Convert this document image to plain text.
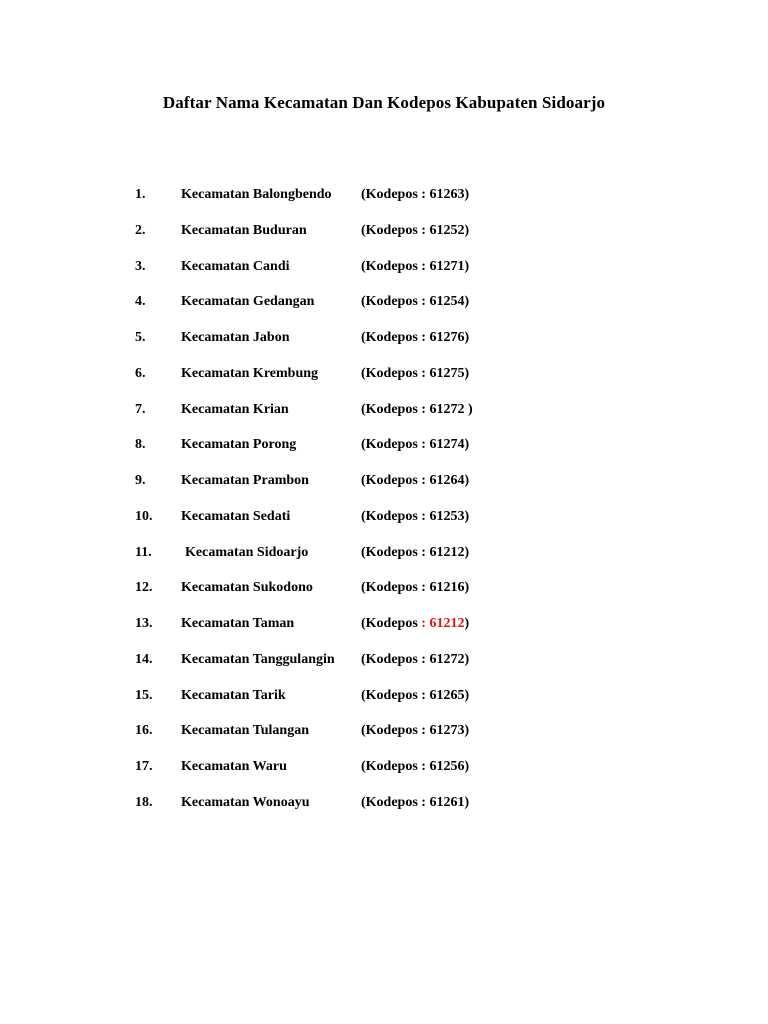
Daftar Nama Kecamatan Dan Kodepos Kabupaten Sidoarjo
1.	Kecamatan Balongbendo (Kodepos : 61263)
2.	Kecamatan Buduran	(Kodepos : 61252)
3.	Kecamatan Candi	(Kodepos : 61271)
4.	Kecamatan Gedangan	(Kodepos : 61254)
5.	Kecamatan Jabon	(Kodepos : 61276)
6.	Kecamatan Krembung	(Kodepos : 61275)
7.	Kecamatan Krian	(Kodepos : 61272 )
8.	Kecamatan Porong	(Kodepos : 61274)
9.	Kecamatan Prambon	(Kodepos : 61264)
10. Kecamatan Sedati	(Kodepos : 61253)
11. Kecamatan Sidoarjo	(Kodepos : 61212)
12. Kecamatan Sukodono	(Kodepos : 61216)
13. Kecamatan Taman	(Kodepos : 61212)
14. Kecamatan Tanggulangin (Kodepos : 61272)
15. Kecamatan Tarik	(Kodepos : 61265)
16. Kecamatan Tulangan	(Kodepos : 61273)
17. Kecamatan Waru	(Kodepos : 61256)
18. Kecamatan Wonoayu	(Kodepos : 61261)
